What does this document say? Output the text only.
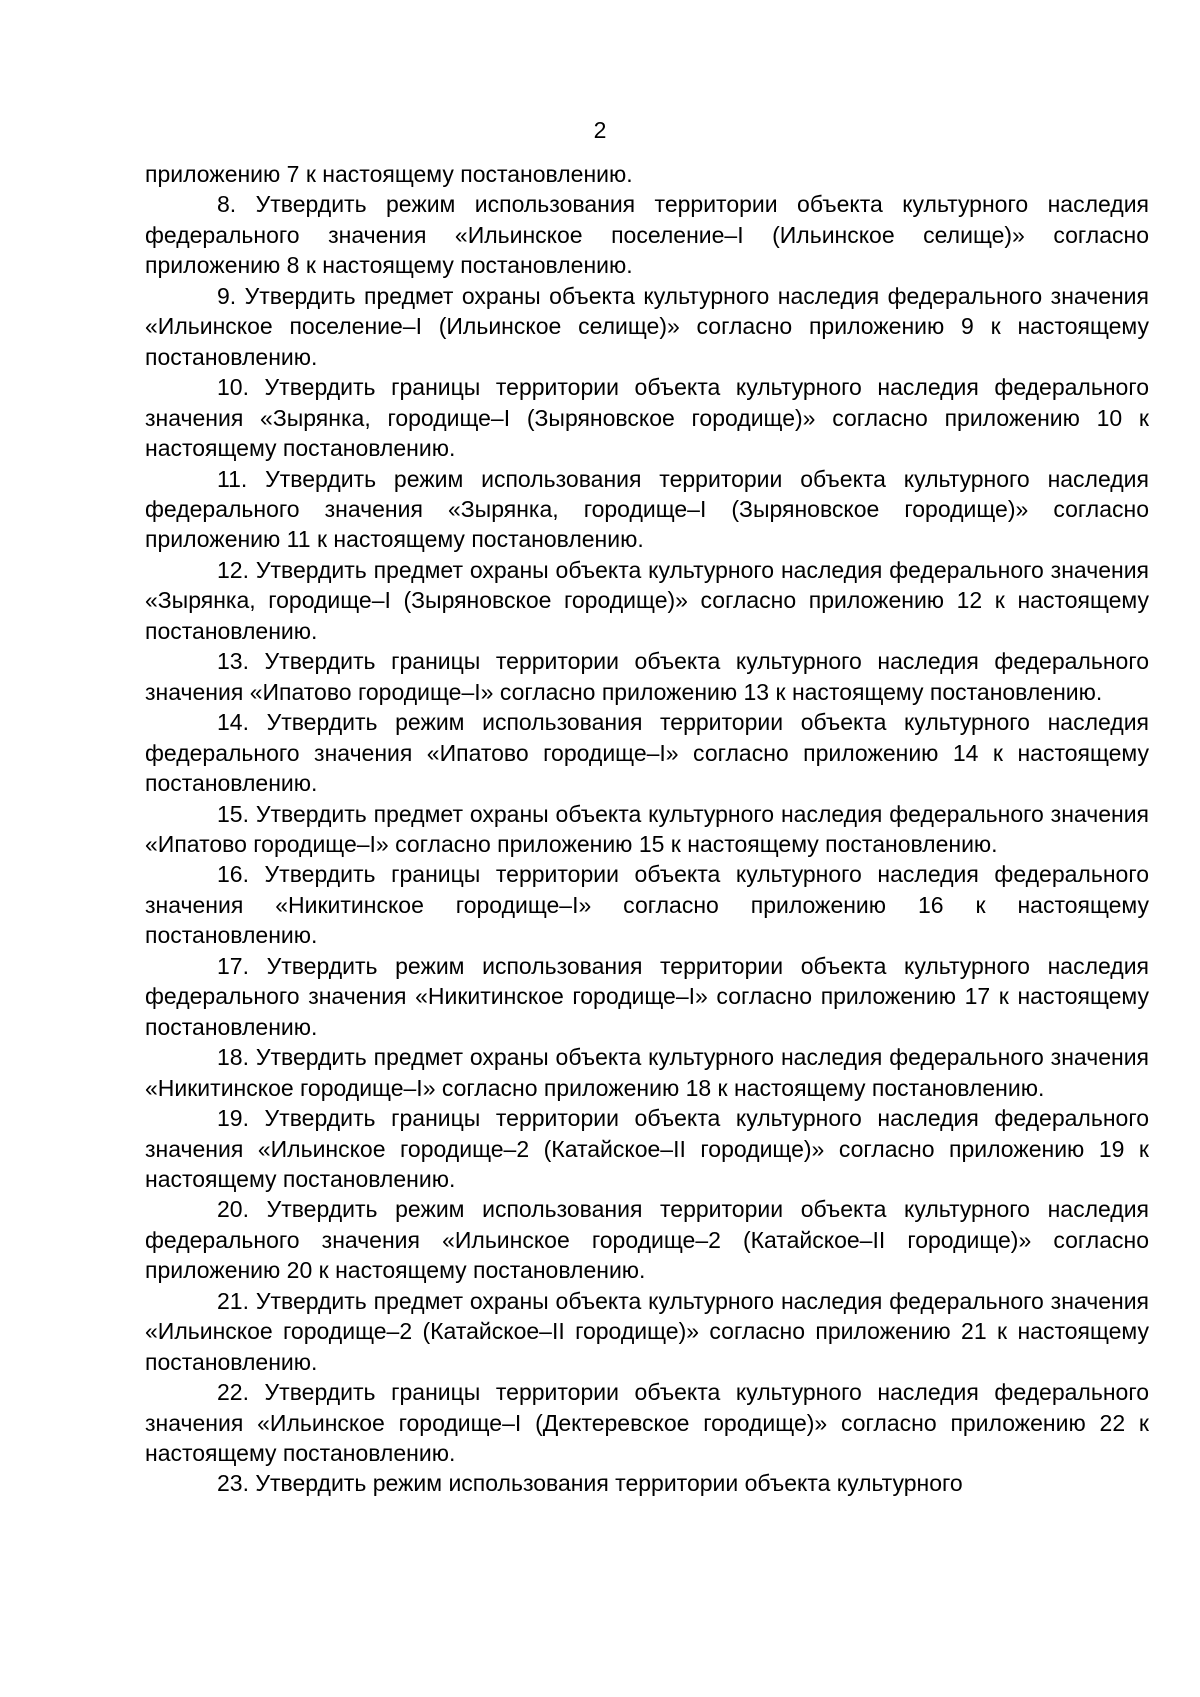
2

приложению 7 к настоящему постановлению.

8. Утвердить режим использования территории объекта культурного наследия федерального значения «Ильинское поселение–I (Ильинское селище)» согласно приложению 8 к настоящему постановлению.

9. Утвердить предмет охраны объекта культурного наследия федерального значения «Ильинское поселение–I (Ильинское селище)» согласно приложению 9 к настоящему постановлению.

10. Утвердить границы территории объекта культурного наследия федерального значения «Зырянка, городище–I (Зыряновское городище)» согласно приложению 10 к настоящему постановлению.

11. Утвердить режим использования территории объекта культурного наследия федерального значения «Зырянка, городище–I (Зыряновское городище)» согласно приложению 11 к настоящему постановлению.

12. Утвердить предмет охраны объекта культурного наследия федерального значения «Зырянка, городище–I (Зыряновское городище)» согласно приложению 12 к настоящему постановлению.

13. Утвердить границы территории объекта культурного наследия федерального значения «Ипатово городище–I» согласно приложению 13 к настоящему постановлению.

14. Утвердить режим использования территории объекта культурного наследия федерального значения «Ипатово городище–I» согласно приложению 14 к настоящему постановлению.

15. Утвердить предмет охраны объекта культурного наследия федерального значения «Ипатово городище–I» согласно приложению 15 к настоящему постановлению.

16. Утвердить границы территории объекта культурного наследия федерального значения «Никитинское городище–I» согласно приложению 16 к настоящему постановлению.

17. Утвердить режим использования территории объекта культурного наследия федерального значения «Никитинское городище–I» согласно приложению 17 к настоящему постановлению.

18. Утвердить предмет охраны объекта культурного наследия федерального значения «Никитинское городище–I» согласно приложению 18 к настоящему постановлению.

19. Утвердить границы территории объекта культурного наследия федерального значения «Ильинское городище–2 (Катайское–II городище)» согласно приложению 19 к настоящему постановлению.

20. Утвердить режим использования территории объекта культурного наследия федерального значения «Ильинское городище–2 (Катайское–II городище)» согласно приложению 20 к настоящему постановлению.

21. Утвердить предмет охраны объекта культурного наследия федерального значения «Ильинское городище–2 (Катайское–II городище)» согласно приложению 21 к настоящему постановлению.

22. Утвердить границы территории объекта культурного наследия федерального значения «Ильинское городище–I (Дектеревское городище)» согласно приложению 22 к настоящему постановлению.

23. Утвердить режим использования территории объекта культурного
